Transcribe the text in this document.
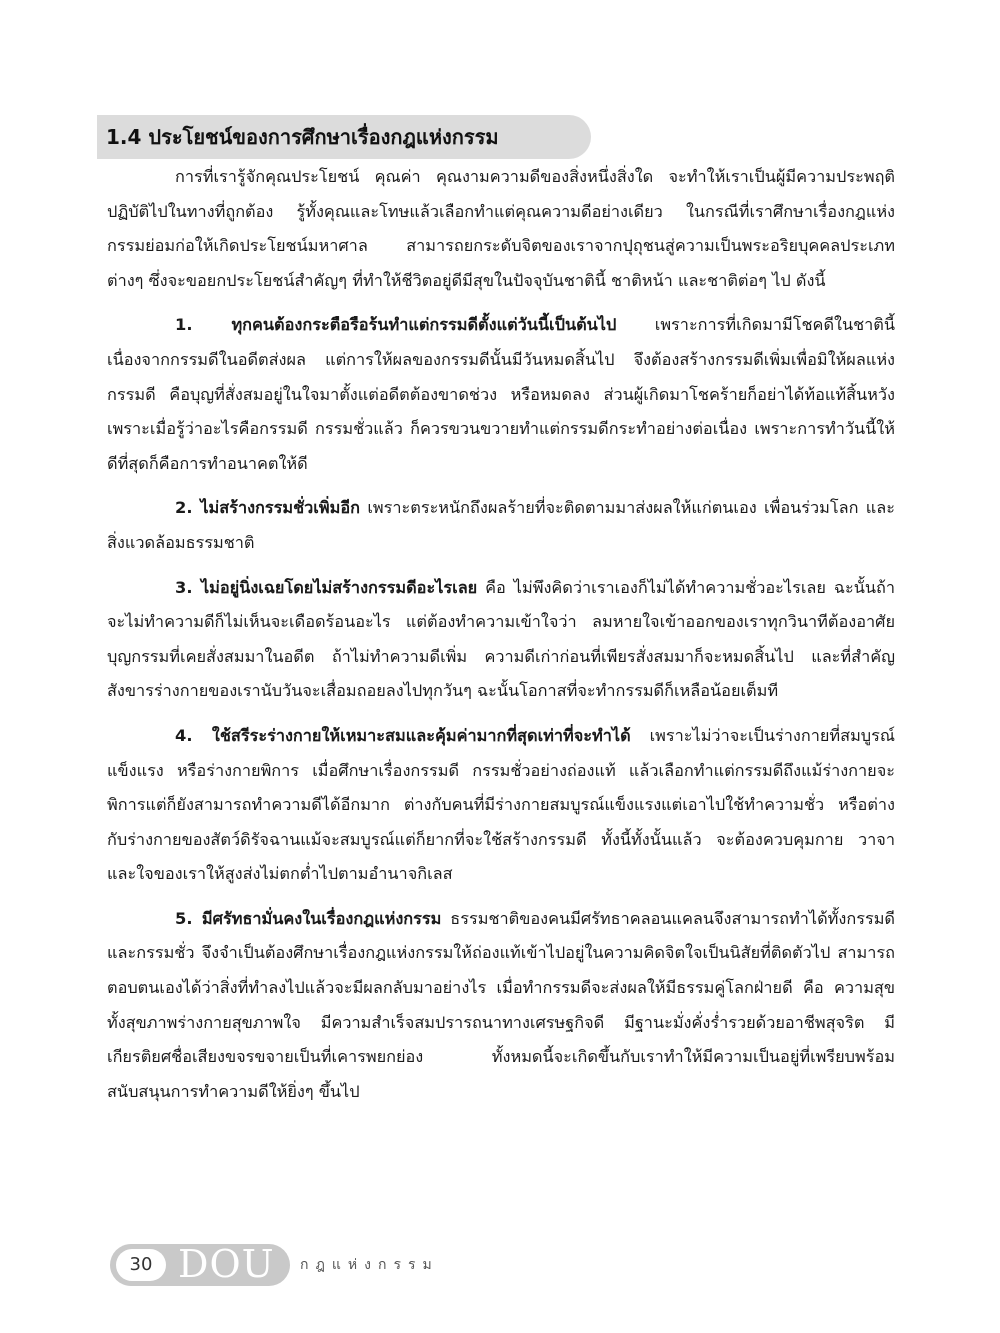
1.4 ประโยชน์ของการศึกษาเรื่องกฎแห่งกรรม

การที่เรารู้จักคุณประโยชน์ คุณค่า คุณงามความดีของสิ่งหนึ่งสิ่งใด จะทำให้เราเป็นผู้มีความประพฤติปฏิบัติไปในทางที่ถูกต้อง รู้ทั้งคุณและโทษแล้วเลือกทำแต่คุณความดีอย่างเดียว ในกรณีที่เราศึกษาเรื่องกฎแห่งกรรมย่อมก่อให้เกิดประโยชน์มหาศาล สามารถยกระดับจิตของเราจากปุถุชนสู่ความเป็นพระอริยบุคคลประเภทต่างๆ ซึ่งจะขอยกประโยชน์สำคัญๆ ที่ทำให้ชีวิตอยู่ดีมีสุขในปัจจุบันชาตินี้ ชาติหน้า และชาติต่อๆ ไป ดังนี้

1. ทุกคนต้องกระตือรือร้นทำแต่กรรมดีตั้งแต่วันนี้เป็นต้นไป เพราะการที่เกิดมามีโชคดีในชาตินี้ เนื่องจากกรรมดีในอดีตส่งผล แต่การให้ผลของกรรมดีนั้นมีวันหมดสิ้นไป จึงต้องสร้างกรรมดีเพิ่มเพื่อมิให้ผลแห่งกรรมดี คือบุญที่สั่งสมอยู่ในใจมาตั้งแต่อดีตต้องขาดช่วง หรือหมดลง ส่วนผู้เกิดมาโชคร้ายก็อย่าได้ท้อแท้สิ้นหวัง เพราะเมื่อรู้ว่าอะไรคือกรรมดี กรรมชั่วแล้ว ก็ควรขวนขวายทำแต่กรรมดีกระทำอย่างต่อเนื่อง เพราะการทำวันนี้ให้ดีที่สุดก็คือการทำอนาคตให้ดี

2. ไม่สร้างกรรมชั่วเพิ่มอีก เพราะตระหนักถึงผลร้ายที่จะติดตามมาส่งผลให้แก่ตนเอง เพื่อนร่วมโลก และสิ่งแวดล้อมธรรมชาติ

3. ไม่อยู่นิ่งเฉยโดยไม่สร้างกรรมดีอะไรเลย คือ ไม่พึงคิดว่าเราเองก็ไม่ได้ทำความชั่วอะไรเลย ฉะนั้นถ้าจะไม่ทำความดีก็ไม่เห็นจะเดือดร้อนอะไร แต่ต้องทำความเข้าใจว่า ลมหายใจเข้าออกของเราทุกวินาทีต้องอาศัยบุญกรรมที่เคยสั่งสมมาในอดีต ถ้าไม่ทำความดีเพิ่ม ความดีเก่าก่อนที่เพียรสั่งสมมาก็จะหมดสิ้นไป และที่สำคัญสังขารร่างกายของเรานับวันจะเสื่อมถอยลงไปทุกวันๆ ฉะนั้นโอกาสที่จะทำกรรมดีก็เหลือน้อยเต็มที

4. ใช้สรีระร่างกายให้เหมาะสมและคุ้มค่ามากที่สุดเท่าที่จะทำได้ เพราะไม่ว่าจะเป็นร่างกายที่สมบูรณ์แข็งแรง หรือร่างกายพิการ เมื่อศึกษาเรื่องกรรมดี กรรมชั่วอย่างถ่องแท้ แล้วเลือกทำแต่กรรมดีถึงแม้ร่างกายจะพิการแต่ก็ยังสามารถทำความดีได้อีกมาก ต่างกับคนที่มีร่างกายสมบูรณ์แข็งแรงแต่เอาไปใช้ทำความชั่ว หรือต่างกับร่างกายของสัตว์ดิรัจฉานแม้จะสมบูรณ์แต่ก็ยากที่จะใช้สร้างกรรมดี ทั้งนี้ทั้งนั้นแล้ว จะต้องควบคุมกาย วาจา และใจของเราให้สูงส่งไม่ตกต่ำไปตามอำนาจกิเลส

5. มีศรัทธามั่นคงในเรื่องกฎแห่งกรรม ธรรมชาติของคนมีศรัทธาคลอนแคลนจึงสามารถทำได้ทั้งกรรมดีและกรรมชั่ว จึงจำเป็นต้องศึกษาเรื่องกฎแห่งกรรมให้ถ่องแท้เข้าไปอยู่ในความคิดจิตใจเป็นนิสัยที่ติดตัวไป สามารถตอบตนเองได้ว่าสิ่งที่ทำลงไปแล้วจะมีผลกลับมาอย่างไร เมื่อทำกรรมดีจะส่งผลให้มีธรรมคู่โลกฝ่ายดี คือ ความสุขทั้งสุขภาพร่างกายสุขภาพใจ มีความสำเร็จสมปรารถนาทางเศรษฐกิจดี มีฐานะมั่งคั่งร่ำรวยด้วยอาชีพสุจริต มีเกียรติยศชื่อเสียงขจรขจายเป็นที่เคารพยกย่อง ทั้งหมดนี้จะเกิดขึ้นกับเราทำให้มีความเป็นอยู่ที่เพรียบพร้อมสนับสนุนการทำความดีให้ยิ่งๆ ขึ้นไป

30 DOU กฎแห่งกรรม
